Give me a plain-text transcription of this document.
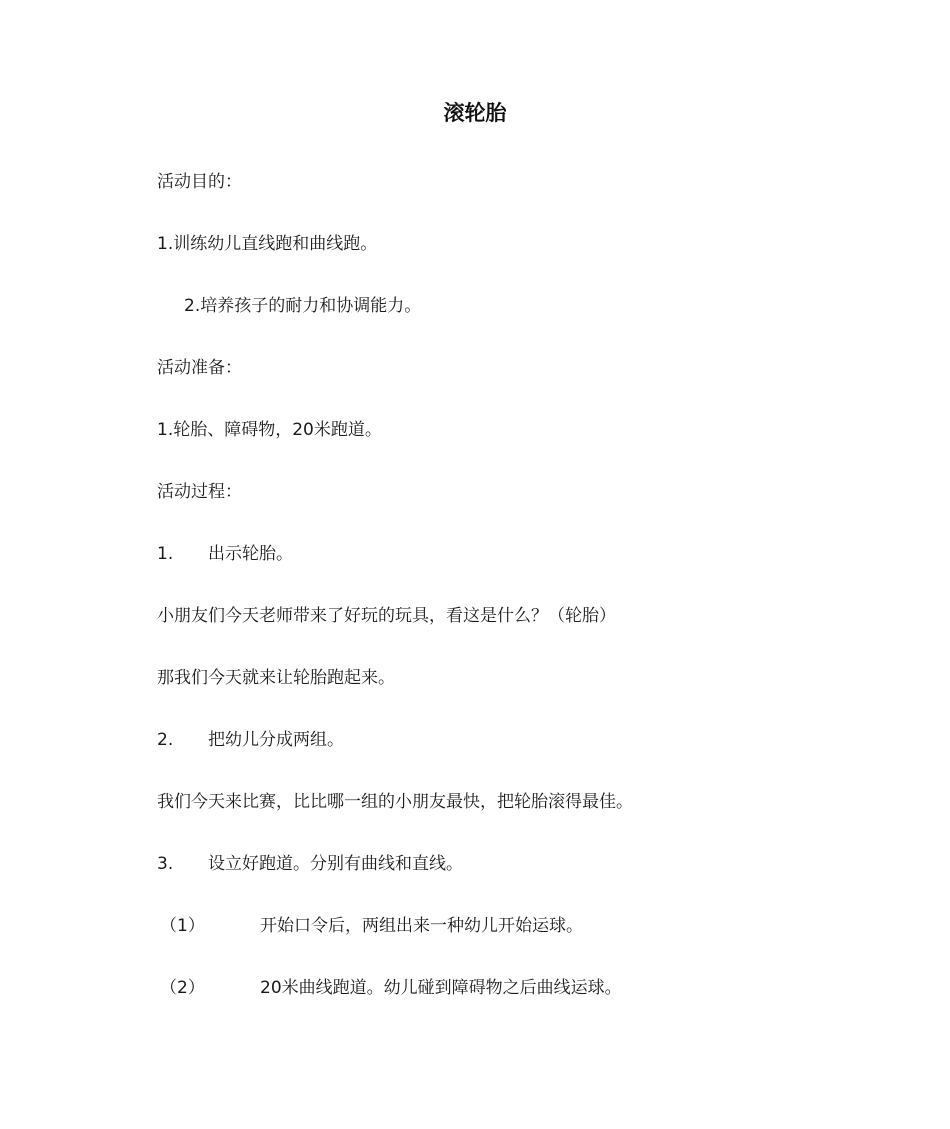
滚轮胎
活动目的：
1.训练幼儿直线跑和曲线跑。
2.培养孩子的耐力和协调能力。
活动准备：
1.轮胎、障碍物，20米跑道。
活动过程：
1. 出示轮胎。
小朋友们今天老师带来了好玩的玩具，看这是什么？（轮胎）
那我们今天就来让轮胎跑起来。
2. 把幼儿分成两组。
我们今天来比赛，比比哪一组的小朋友最快，把轮胎滚得最佳。
3. 设立好跑道。分别有曲线和直线。
（1）	开始口令后，两组出来一种幼儿开始运球。
（2）	20米曲线跑道。幼儿碰到障碍物之后曲线运球。
